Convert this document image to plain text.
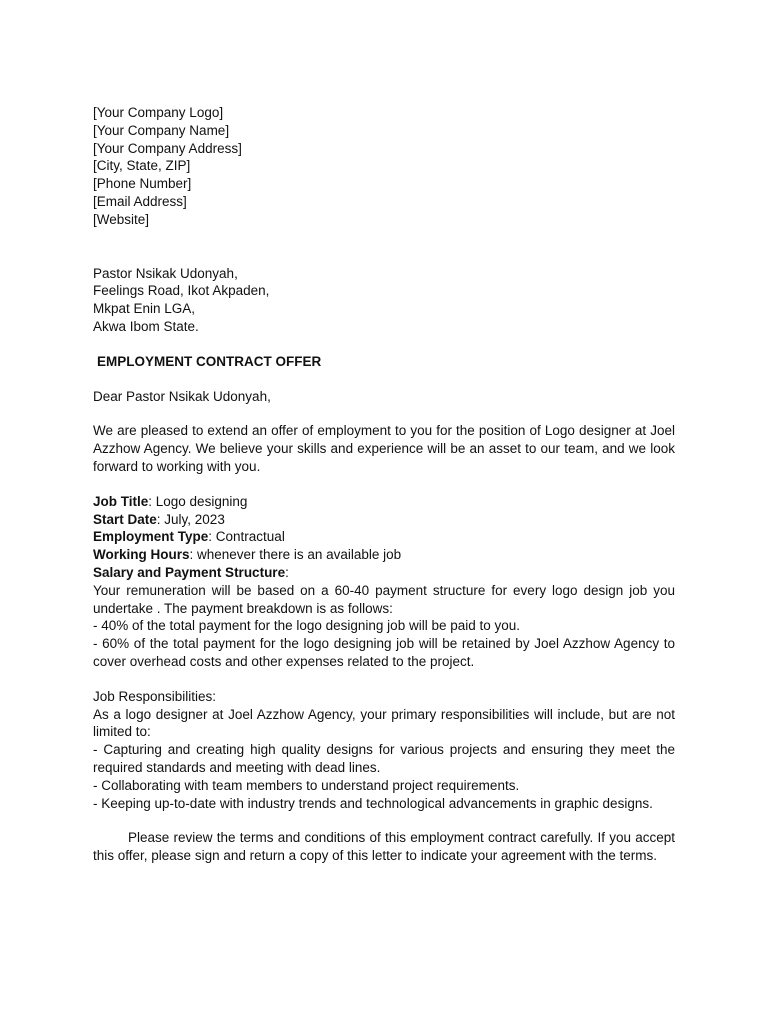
[Your Company Logo]
[Your Company Name]
[Your Company Address]
[City, State, ZIP]
[Phone Number]
[Email Address]
[Website]
Pastor Nsikak Udonyah,
Feelings Road, Ikot Akpaden,
Mkpat Enin LGA,
Akwa Ibom State.
EMPLOYMENT CONTRACT OFFER
Dear Pastor Nsikak Udonyah,
We are pleased to extend an offer of employment to you for the position of Logo designer at Joel Azzhow Agency. We believe your skills and experience will be an asset to our team, and we look forward to working with you.
Job Title: Logo designing
Start Date: July, 2023
Employment Type: Contractual
Working Hours: whenever there is an available job
Salary and Payment Structure:
Your remuneration will be based on a 60-40 payment structure for every logo design job you undertake . The payment breakdown is as follows:
- 40% of the total payment for the logo designing job will be paid to you.
- 60% of the total payment for the logo designing job will be retained by Joel Azzhow Agency to cover overhead costs and other expenses related to the project.
Job Responsibilities:
As a logo designer at Joel Azzhow Agency, your primary responsibilities will include, but are not limited to:
- Capturing and creating high quality designs for various projects and ensuring they meet the required standards and meeting with dead lines.
- Collaborating with team members to understand project requirements.
- Keeping up-to-date with industry trends and technological advancements in graphic designs.
Please review the terms and conditions of this employment contract carefully. If you accept this offer, please sign and return a copy of this letter to indicate your agreement with the terms.
